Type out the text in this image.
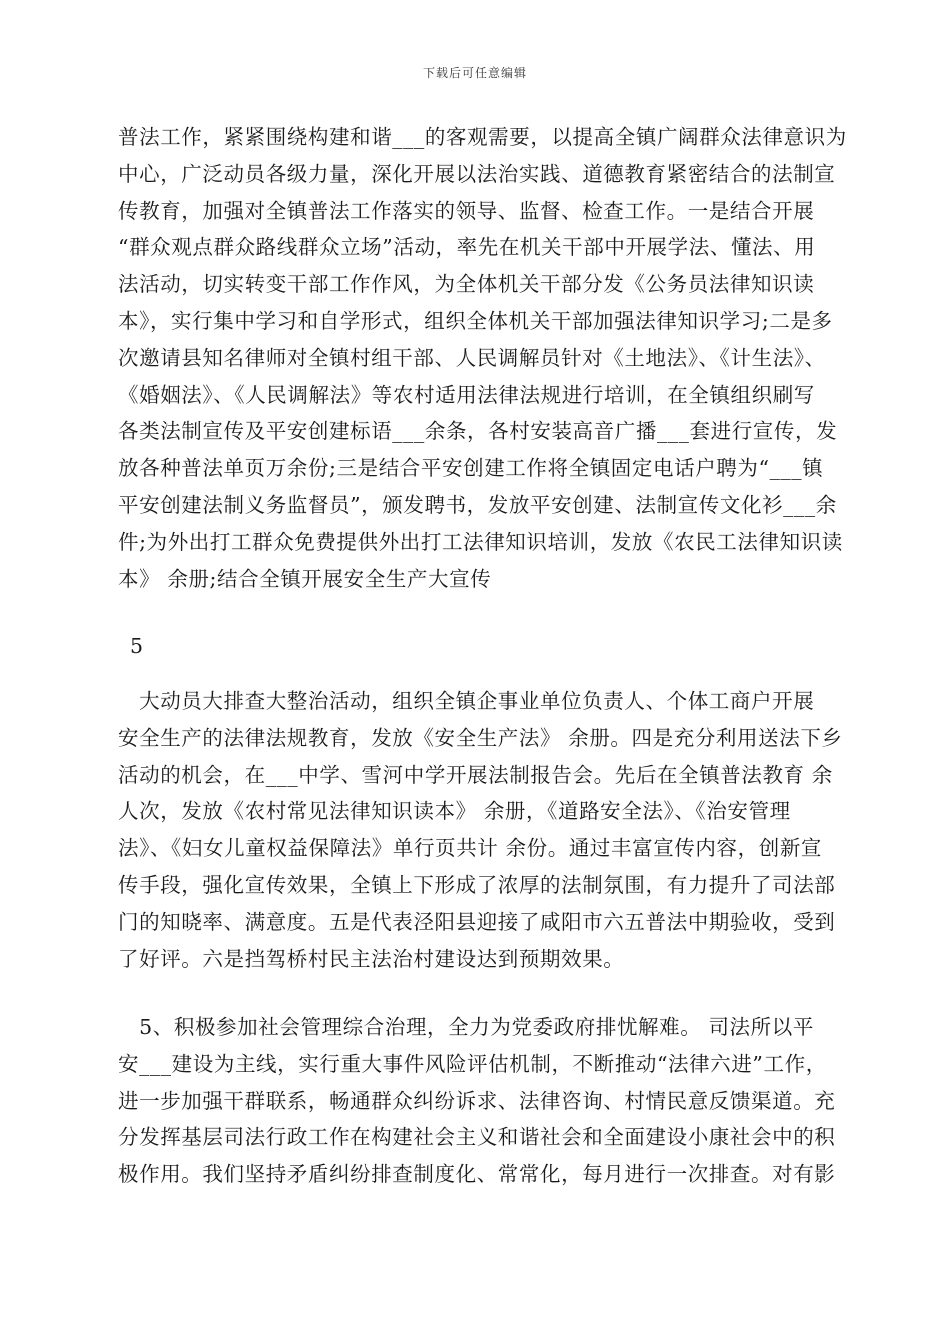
下载后可任意编辑
普法工作，紧紧围绕构建和谐___的客观需要，以提高全镇广阔群众法律意识为
中心，广泛动员各级力量，深化开展以法治实践、道德教育紧密结合的法制宣
传教育，加强对全镇普法工作落实的领导、监督、检查工作。一是结合开展
“群众观点群众路线群众立场”活动，率先在机关干部中开展学法、懂法、用
法活动，切实转变干部工作作风，为全体机关干部分发《公务员法律知识读
本》，实行集中学习和自学形式，组织全体机关干部加强法律知识学习;二是多
次邀请县知名律师对全镇村组干部、人民调解员针对《土地法》、《计生法》、
《婚姻法》、《人民调解法》等农村适用法律法规进行培训，在全镇组织刷写
各类法制宣传及平安创建标语___余条，各村安装高音广播___套进行宣传，发
放各种普法单页万余份;三是结合平安创建工作将全镇固定电话户聘为“___镇
平安创建法制义务监督员”，颁发聘书，发放平安创建、法制宣传文化衫___余
件;为外出打工群众免费提供外出打工法律知识培训，发放《农民工法律知识读
本》 余册;结合全镇开展安全生产大宣传
5
　大动员大排查大整治活动，组织全镇企事业单位负责人、个体工商户开展
安全生产的法律法规教育，发放《安全生产法》 余册。四是充分利用送法下乡
活动的机会，在___中学、雪河中学开展法制报告会。先后在全镇普法教育 余
人次，发放《农村常见法律知识读本》 余册，《道路安全法》、《治安管理
法》、《妇女儿童权益保障法》单行页共计 余份。通过丰富宣传内容，创新宣
传手段，强化宣传效果，全镇上下形成了浓厚的法制氛围，有力提升了司法部
门的知晓率、满意度。五是代表泾阳县迎接了咸阳市六五普法中期验收，受到
了好评。六是挡驾桥村民主法治村建设达到预期效果。
　5、积极参加社会管理综合治理，全力为党委政府排忧解难。 司法所以平
安___建设为主线，实行重大事件风险评估机制，不断推动“法律六进”工作，
进一步加强干群联系，畅通群众纠纷诉求、法律咨询、村情民意反馈渠道。充
分发挥基层司法行政工作在构建社会主义和谐社会和全面建设小康社会中的积
极作用。我们坚持矛盾纠纷排查制度化、常常化，每月进行一次排查。对有影
